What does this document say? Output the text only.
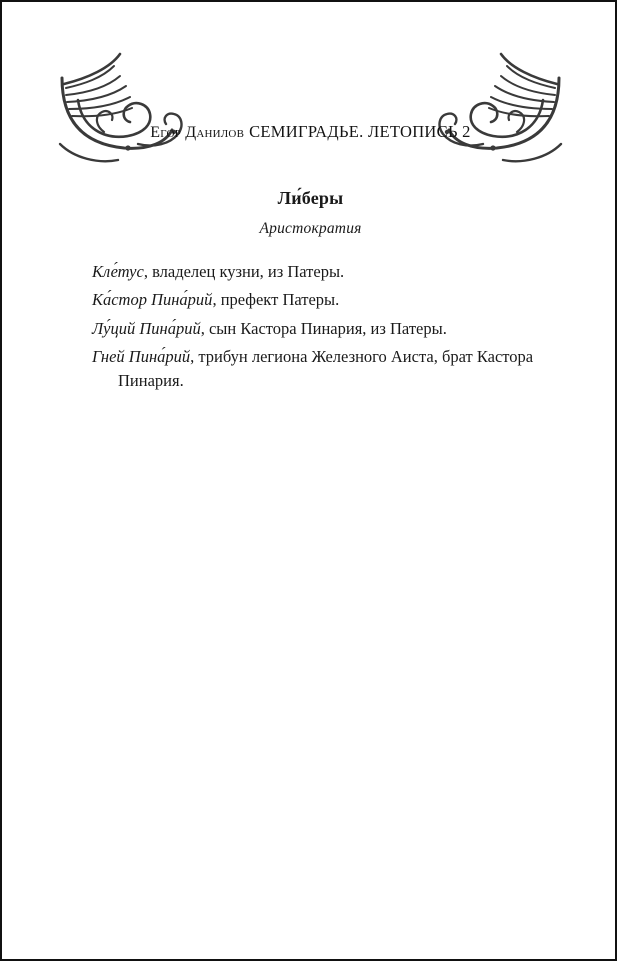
Егор Данилов СЕМИГРАДЬЕ. ЛЕТОПИСЬ 2
Ли́беры
Аристократия
Кле́тус, владелец кузни, из Патеры.
Ка́стор Пина́рий, префект Патеры.
Лу́ций Пина́рий, сын Кастора Пинария, из Патеры.
Гней Пина́рий, трибун легиона Железного Аиста, брат Кастора Пинария.
